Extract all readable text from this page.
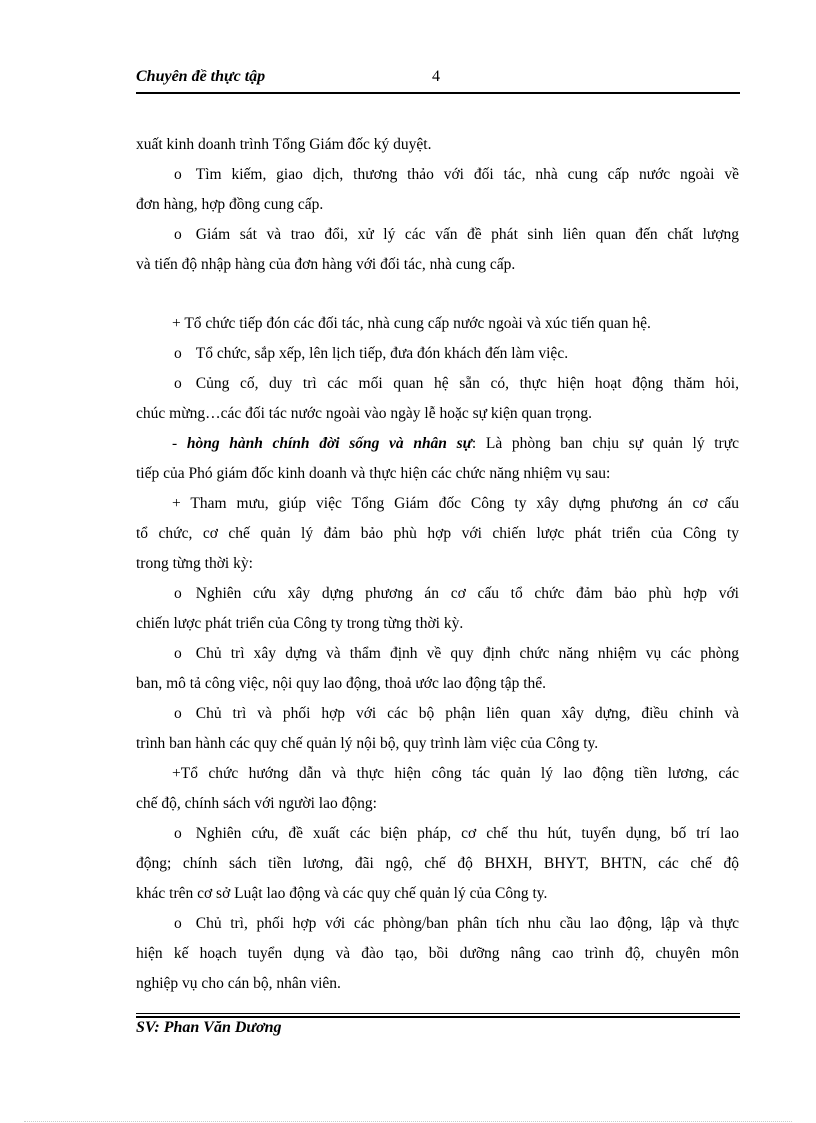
Chuyên đề thực tập	4
xuất kinh doanh trình Tổng Giám đốc ký duyệt.
o Tìm kiếm, giao dịch, thương thảo với đối tác, nhà cung cấp nước ngoài về
đơn hàng, hợp đồng cung cấp.
o Giám sát và trao đổi, xử lý các vấn đề phát sinh liên quan đến chất lượng
và tiến độ nhập hàng của đơn hàng với đối tác, nhà cung cấp.
+ Tổ chức tiếp đón các đối tác, nhà cung cấp nước ngoài và xúc tiến quan hệ.
o Tổ chức, sắp xếp, lên lịch tiếp, đưa đón khách đến làm việc.
o Củng cố, duy trì các mối quan hệ sẵn có, thực hiện hoạt động thăm hỏi,
chúc mừng…các đối tác nước ngoài vào ngày lễ hoặc sự kiện quan trọng.
- hòng hành chính đời sống và nhân sự: Là phòng ban chịu sự quản lý trực
tiếp của Phó giám đốc kinh doanh và thực hiện các chức năng nhiệm vụ sau:
+ Tham mưu, giúp việc Tổng Giám đốc Công ty xây dựng phương án cơ cấu
tổ chức, cơ chế quản lý đảm bảo phù hợp với chiến lược phát triển của Công ty
trong từng thời kỳ:
o Nghiên cứu xây dựng phương án cơ cấu tổ chức đảm bảo phù hợp với
chiến lược phát triển của Công ty trong từng thời kỳ.
o Chủ trì xây dựng và thẩm định về quy định chức năng nhiệm vụ các phòng
ban, mô tả công việc, nội quy lao động, thoả ước lao động tập thể.
o Chủ trì và phối hợp với các bộ phận liên quan xây dựng, điều chỉnh và
trình ban hành các quy chế quản lý nội bộ, quy trình làm việc của Công ty.
+Tổ chức hướng dẫn và thực hiện công tác quản lý lao động tiền lương, các
chế độ, chính sách với người lao động:
o Nghiên cứu, đề xuất các biện pháp, cơ chế thu hút, tuyển dụng, bố trí lao
động; chính sách tiền lương, đãi ngộ, chế độ BHXH, BHYT, BHTN, các chế độ
khác trên cơ sở Luật lao động và các quy chế quản lý của Công ty.
o Chủ trì, phối hợp với các phòng/ban phân tích nhu cầu lao động, lập và thực
hiện kế hoạch tuyển dụng và đào tạo, bồi dưỡng nâng cao trình độ, chuyên môn
nghiệp vụ cho cán bộ, nhân viên.
SV: Phan Văn Dương
